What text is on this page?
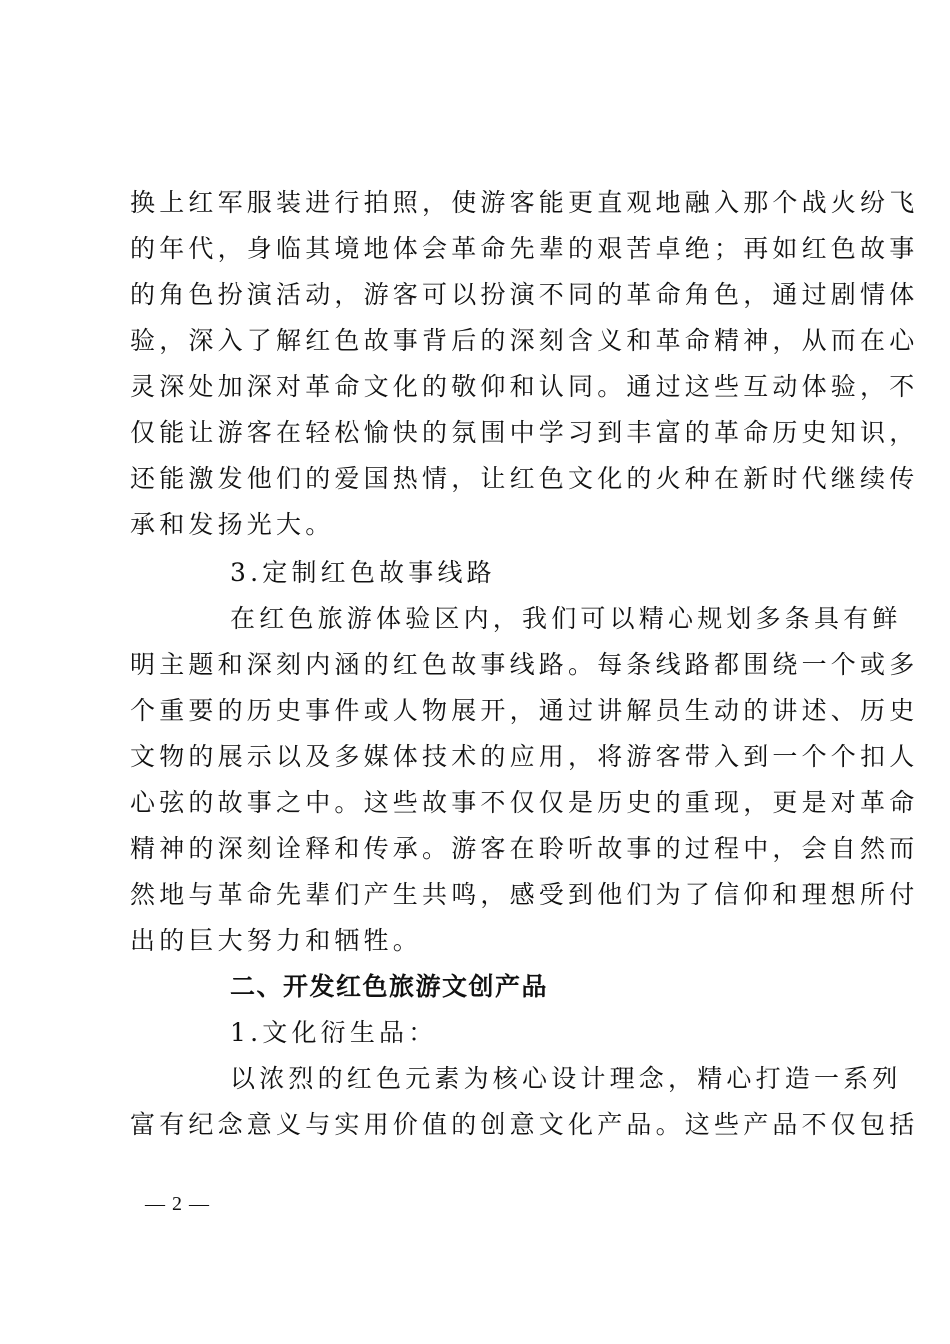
换上红军服装进行拍照，使游客能更直观地融入那个战火纷飞
的年代，身临其境地体会革命先辈的艰苦卓绝；再如红色故事
的角色扮演活动，游客可以扮演不同的革命角色，通过剧情体
验，深入了解红色故事背后的深刻含义和革命精神，从而在心
灵深处加深对革命文化的敬仰和认同。通过这些互动体验，不
仅能让游客在轻松愉快的氛围中学习到丰富的革命历史知识，
还能激发他们的爱国热情，让红色文化的火种在新时代继续传
承和发扬光大。
3.定制红色故事线路
在红色旅游体验区内，我们可以精心规划多条具有鲜
明主题和深刻内涵的红色故事线路。每条线路都围绕一个或多
个重要的历史事件或人物展开，通过讲解员生动的讲述、历史
文物的展示以及多媒体技术的应用，将游客带入到一个个扣人
心弦的故事之中。这些故事不仅仅是历史的重现，更是对革命
精神的深刻诠释和传承。游客在聆听故事的过程中，会自然而
然地与革命先辈们产生共鸣，感受到他们为了信仰和理想所付
出的巨大努力和牺牲。
二、开发红色旅游文创产品
1.文化衍生品：
以浓烈的红色元素为核心设计理念，精心打造一系列
富有纪念意义与实用价值的创意文化产品。这些产品不仅包括
— 2 —
